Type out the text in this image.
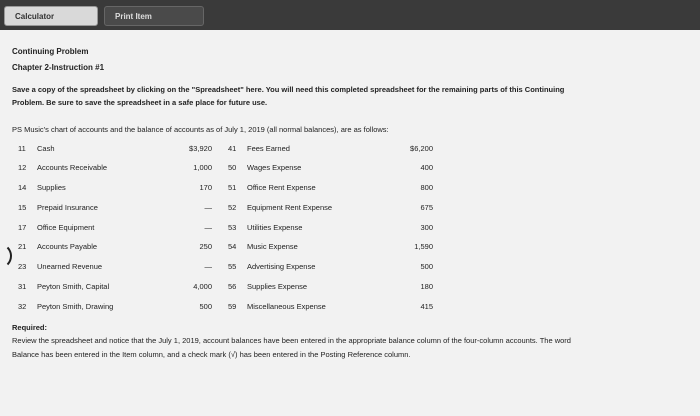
Calculator	Print Item
Continuing Problem
Chapter 2-Instruction #1
Save a copy of the spreadsheet by clicking on the "Spreadsheet" here. You will need this completed spreadsheet for the remaining parts of this Continuing
Problem. Be sure to save the spreadsheet in a safe place for future use.
PS Music's chart of accounts and the balance of accounts as of July 1, 2019 (all normal balances), are as follows:
11 Cash	$3,920 41 Fees Earned	$6,200
12 Accounts Receivable	1,000 50 Wages Expense	400
14 Supplies	170 51 Office Rent Expense	800
15 Prepaid Insurance	— 52 Equipment Rent Expense	675
17 Office Equipment	— 53 Utilities Expense	300
21 Accounts Payable	250 54 Music Expense	1,590
23 Unearned Revenue	— 55 Advertising Expense	500
31 Peyton Smith, Capital	4,000 56 Supplies Expense	180
32 Peyton Smith, Drawing	500 59 Miscellaneous Expense	415
Required:
Review the spreadsheet and notice that the July 1, 2019, account balances have been entered in the appropriate balance column of the four-column accounts. The word
Balance has been entered in the Item column, and a check mark (√) has been entered in the Posting Reference column.
